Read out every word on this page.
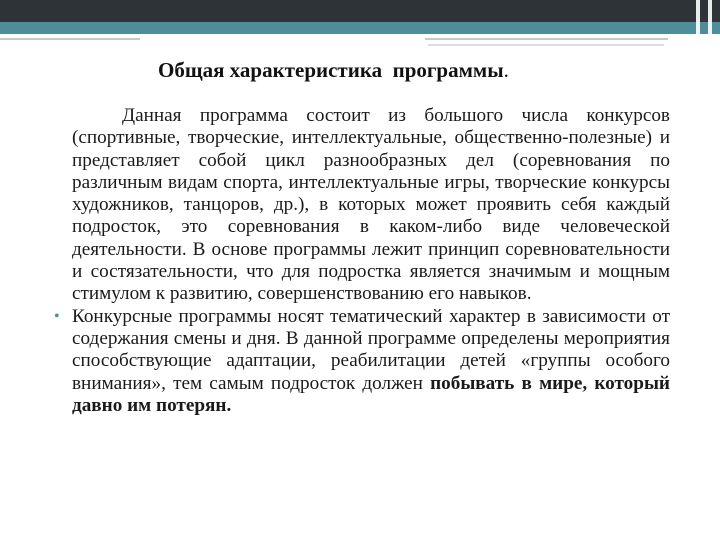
Общая характеристика  программы.
Данная программа состоит из большого числа конкурсов (спортивные, творческие, интеллектуальные, общественно-полезные) и представляет собой цикл разнообразных дел (соревнования по различным видам спорта, интеллектуальные игры, творческие конкурсы художников, танцоров, др.), в которых может проявить себя каждый подросток, это соревнования в каком-либо виде человеческой деятельности. В основе программы лежит принцип соревновательности и состязательности, что для подростка является значимым и мощным стимулом к развитию, совершенствованию его навыков.
• Конкурсные программы носят тематический характер в зависимости от содержания смены и дня. В данной программе определены мероприятия способствующие адаптации, реабилитации детей «группы особого внимания», тем самым подросток должен побывать в мире, который давно им потерян.
